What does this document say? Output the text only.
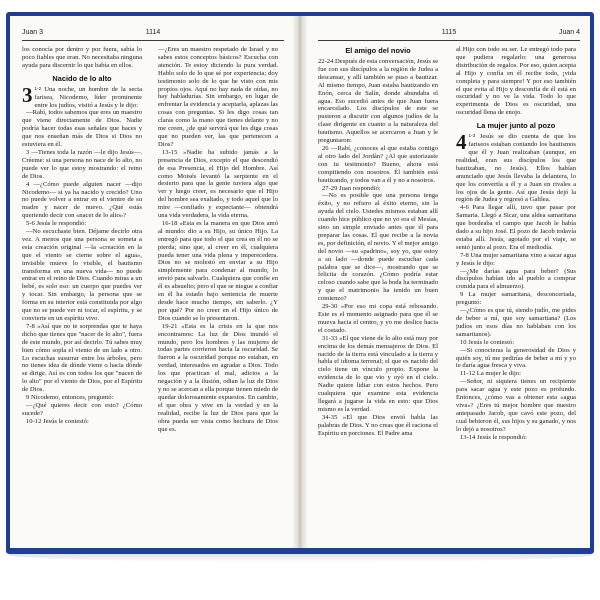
Juan 3	1114	1115	Juan 4

los conocía por dentro y por fuera, sabía lo poco fiables que eran. No necesitaba ninguna ayuda para discernir lo que había en ellos.

Nacido de lo alto

3 $^{1-2}$ Una noche, un hombre de la secta farisea, Nicodemo, líder prominente entre los judíos, visitó a Jesús y le dijo:

—Rabí, todos sabemos que eres un maestro que viene directamente de Dios. Nadie podría hacer todas esas señales que haces y que nos enseñan más de Dios si Dios no estuviera en él.

3 —Tienes toda la razón —le dijo Jesús—. Créeme: si una persona no nace de lo alto, no puede ver lo que estoy mostrando: el reino de Dios.

4 —¿Cómo puede alguien nacer —dijo Nicodemo— si ya ha nacido y crecido? Uno no puede volver a entrar en el vientre de su madre y nacer de nuevo. ¿Qué estás queriendo decir con «nacer de lo alto»?

5-6 Jesús le respondió:

—No escuchaste bien. Déjame decirlo otra vez. A menos que una persona se someta a esta creación original —la «creación en la que el viento se cierne sobre el agua», invisible mueve lo visible, el bautismo transforma en una nueva vida— no puede entrar en el reino de Dios. Cuando miras a un bebé, es solo eso: un cuerpo que puedes ver y tocar. Sin embargo, la persona que se forma en su interior está constituida por algo que no se puede ver ni tocar, el espíritu, y se convierte en un espíritu vivo.

7-8 »Así que no te sorprendas que te haya dicho que tienes que "nacer de lo alto", fuera de este mundo, por así decirlo. Tú sabes muy bien cómo sopla el viento de un lado a otro. Lo escuchas susurrar entre los árboles, pero no tienes idea de dónde viene o hacia dónde se dirige. Así es con todos los que "nacen de lo alto" por el viento de Dios, por el Espíritu de Dios.

9 Nicodemo, entonces, preguntó:

—¿Qué quieres decir con esto? ¿Cómo sucede?

10-12 Jesús le contestó:

—¿Eres un maestro respetado de Israel y no sabes estos conceptos básicos? Escucha con atención. Te estoy diciendo la pura verdad. Hablo solo de lo que sé por experiencia; doy testimonio solo de lo que he visto con mis propios ojos. Aquí no hay nada de oídas, no hay habladurías. Sin embargo, en lugar de enfrentar la evidencia y aceptarla, aplazas las cosas con preguntas. Si les digo cosas tan claras como la mano que tienes delante y no me creen, ¿de qué servirá que les diga cosas que no pueden ver, las que pertenecen a Dios?

13-15 »Nadie ha subido jamás a la presencia de Dios, excepto el que descendió de esa Presencia, el Hijo del Hombre. Así como Moisés levantó la serpiente en el desierto para que la gente tuviera algo que ver y luego creer, es necesario que el Hijo del hombre sea exaltado, y todo aquel que lo mire —confiado y expectante— obtendrá una vida verdadera, la vida eterna.

16-18 »Esta es la manera en que Dios amó al mundo: dio a su Hijo, su único Hijo. La entregó para que todo el que crea en él no se pierda; sino que, al creer en él, cualquiera pueda tener una vida plena y imperecedera. Dios no se molestó en enviar a su Hijo simplemente para condenar al mundo, lo envió para salvarlo. Cualquiera que confíe en él es absuelto; pero el que se niegue a confiar en él ha estado bajo sentencia de muerte desde hace mucho tiempo, sin saberlo. ¿Y por qué? Por no creer en el Hijo único de Dios cuando se lo presentaron.

19-21 »Esta es la crisis en la que nos encontramos: La luz de Dios inundó el mundo, pero los hombres y las mujeres de todas partes corrieron hacia la oscuridad. Se fueron a la oscuridad porque no estaban, en verdad, interesados en agradar a Dios. Todo los que practican el mal, adictos a la negación y a la ilusión, odian la luz de Dios y no se acercan a ella porque tienen miedo de quedar dolorosamente expuestos. En cambio, el que obra y vive en la verdad y en la realidad, recibe la luz de Dios para que la obra pueda ser vista como hechura de Dios que es.

El amigo del novio

22-24 Después de esta conversación, Jesús se fue con sus discípulos a la región de Judea a descansar, y allí también se puso a bautizar. Al mismo tiempo, Juan estaba bautizando en Enón, cerca de Salín, donde abundaba el agua. Eso sucedió antes de que Juan fuera encarcelado. Los discípulos de este se pusieron a discutir con algunos judíos de la clase dirigente en cuanto a la naturaleza del bautismo. Aquellos se acercaron a Juan y le preguntaron:

26 —Rabí, ¿conoces al que estaba contigo al otro lado del Jordán? ¿Al que autorizaste con tu testimonio? Bueno, ahora está compitiendo con nosotros. Él también está bautizando, y todos van a él y no a nosotros.

27-29 Juan respondió:

—No es posible que una persona tenga éxito, y no refiero al éxito eterno, sin la ayuda del cielo. Ustedes mismos estaban allí cuando hice público que no yo era el Mesías, sino un simple enviado antes que él para preparar las cosas. El que recibe a la novia es, por definición, el novio. Y el mejor amigo del novio —su «padrino», soy yo, que estoy a su lado —donde puede escuchar cada palabra que se dice—, mostrando que se felicita de corazón. ¿Cómo podría estar celoso cuando sabe que la boda ha terminado y que el matrimonio ha tenido un buen comienzo?

29-30 »Por eso mi copa está rebosando. Este es el momento asignado para que él se mueva hacia el centro, y yo me deslice hacia el costado.

31-33 »El que viene de lo alto está muy por encima de los demás mensajeros de Dios. El nacido de la tierra está vinculado a la tierra y habla el idioma terrenal; el que es nacido del cielo tiene un vínculo propio. Expone la evidencia de lo que vio y oyó en el cielo. Nadie quiere lidiar con estos hechos. Pero cualquiera que examine esta evidencia llegará a jugarse la vida en esto: que Dios mismo es la verdad.

34-35 »El que Dios envió habla las palabras de Dios. Y no creas que él raciona el Espíritu en porciones. El Padre ama

al Hijo con todo su ser. Le entregó todo para que pudiera regalarlo: una generosa distribución de regalos. Por eso, quien acepta al Hijo y confía en él recibe todo, ¡vida completa y para siempre! Y por eso también el que evita al Hijo y desconfía de él está en oscuridad y no ve la vida. Todo lo que experimenta de Dios es oscuridad, una oscuridad llena de enojo.

La mujer junto al pozo

4 $^{1-3}$ Jesús se dio cuenta de que los fariseos estaban contando los bautismos que él y Juan realizaban (aunque, en realidad, eran sus discípulos los que bautizaban, no Jesús). Ellos habían anunciado que Jesús llevaba la delantera, lo que los convertía a él y a Juan en rivales a los ojos de la gente. Así que Jesús dejó la región de Judea y regresó a Galilea.

4-6 Para llegar allí, tuvo que pasar por Samaria. Llegó a Sicar, una aldea samaritana que bordeaba el campo que Jacob le había dado a su hijo José. El pozo de Jacob todavía estaba allí. Jesús, agotado por el viaje, se sentó junto al pozo. Era el mediodía.

7-8 Una mujer samaritana vino a sacar agua y Jesús le dijo:

—¿Me darías agua para beber? (Sus discípulos habían ido al pueblo a comprar comida para el almuerzo).

9 La mujer samaritana, desconcertada, preguntó:

—¿Cómo es que tú, siendo judío, me pides de beber a mí, que soy samaritana? (Los judíos en esos días no hablaban con los samaritanos).

10 Jesús le contestó:

—Si conocieras la generosidad de Dios y quién soy, tú me pedirías de beber a mí y yo te daría agua fresca y viva.

11-12 La mujer le dijo:

—Señor, ni siquiera tienes un recipiente para sacar agua y este pozo es profundo. Entonces, ¿cómo vas a obtener esta «agua viva»? ¿Eres tú mejor hombre que nuestro antepasado Jacob, que cavó este pozo, del cual bebieron él, sus hijos y su ganado, y nos lo dejó a nosotros?

13-14 Jesús le respondió:
